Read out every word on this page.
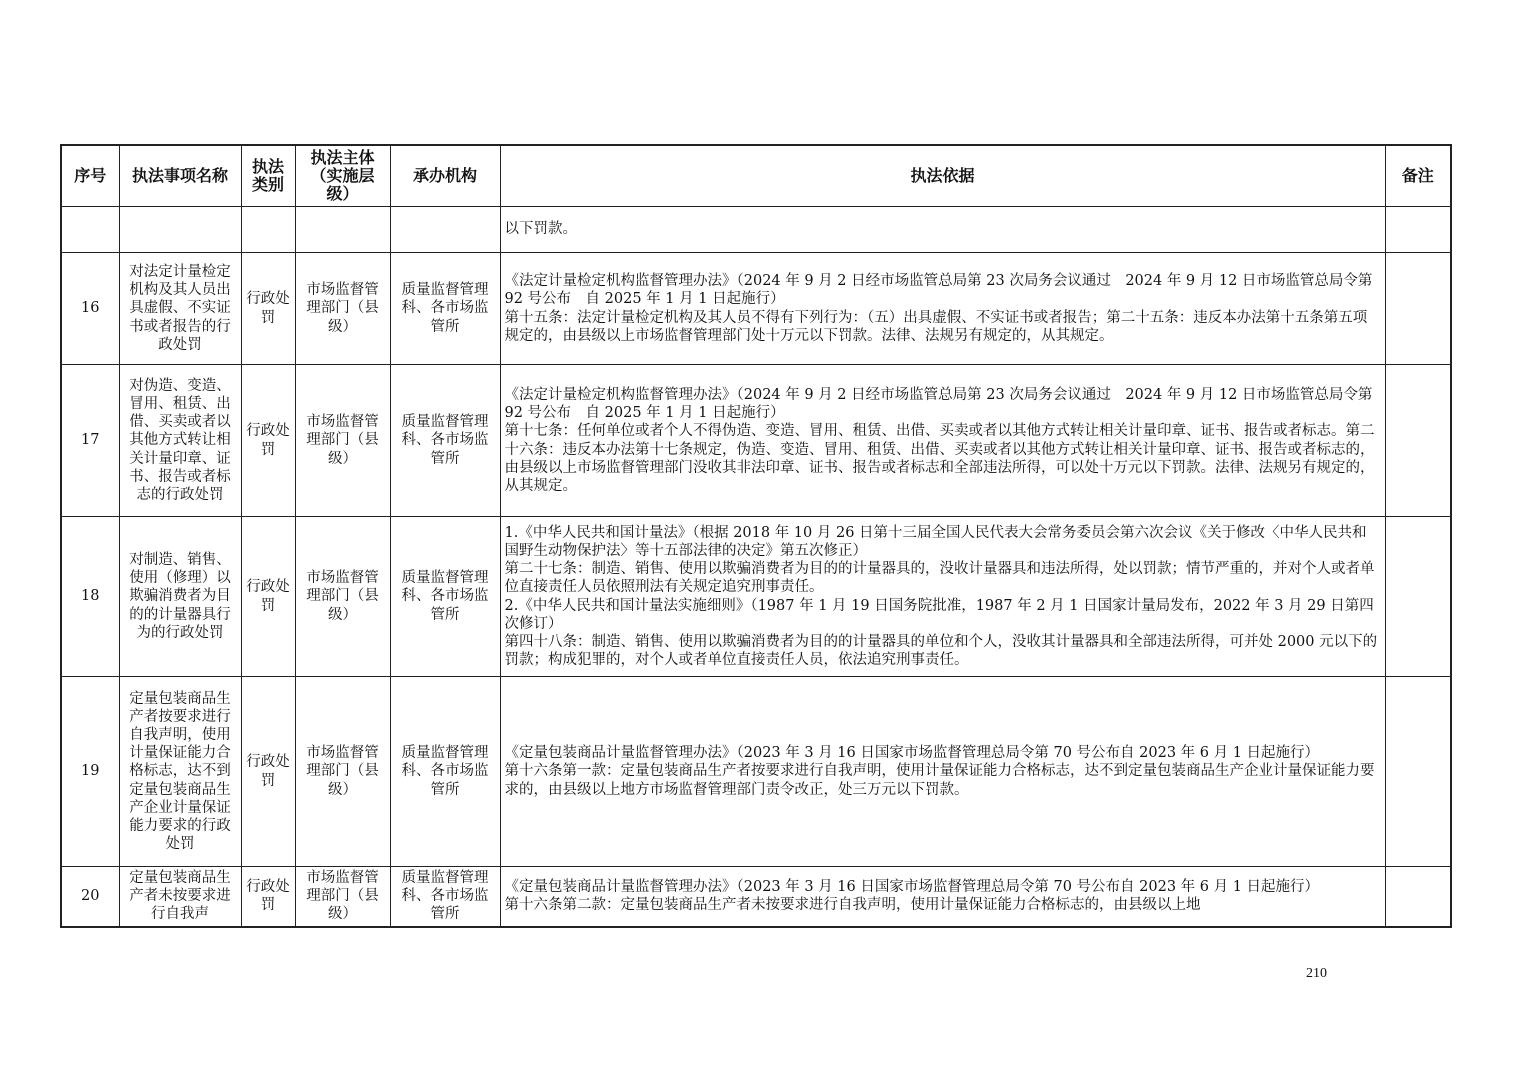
序号	执法事项名称	执法类别	执法主体（实施层级）	承办机构	执法依据	备注

					以下罚款。	

16	对法定计量检定机构及其人员出具虚假、不实证书或者报告的行政处罚	行政处罚	市场监督管理部门（县级）	质量监督管理科、各市场监管所	《法定计量检定机构监督管理办法》（2024 年 9 月 2 日经市场监管总局第 23 次局务会议通过　2024 年 9 月 12 日市场监管总局令第 92 号公布　自 2025 年 1 月 1 日起施行）

第十五条：法定计量检定机构及其人员不得有下列行为：（五）出具虚假、不实证书或者报告；第二十五条：违反本办法第十五条第五项规定的，由县级以上市场监督管理部门处十万元以下罚款。法律、法规另有规定的，从其规定。	

17	对伪造、变造、冒用、租赁、出借、买卖或者以其他方式转让相关计量印章、证书、报告或者标志的行政处罚	行政处罚	市场监督管理部门（县级）	质量监督管理科、各市场监管所	《法定计量检定机构监督管理办法》（2024 年 9 月 2 日经市场监管总局第 23 次局务会议通过　2024 年 9 月 12 日市场监管总局令第 92 号公布　自 2025 年 1 月 1 日起施行）

第十七条：任何单位或者个人不得伪造、变造、冒用、租赁、出借、买卖或者以其他方式转让相关计量印章、证书、报告或者标志。第二十六条：违反本办法第十七条规定，伪造、变造、冒用、租赁、出借、买卖或者以其他方式转让相关计量印章、证书、报告或者标志的，由县级以上市场监督管理部门没收其非法印章、证书、报告或者标志和全部违法所得，可以处十万元以下罚款。法律、法规另有规定的，从其规定。	

18	对制造、销售、使用（修理）以欺骗消费者为目的的计量器具行为的行政处罚	行政处罚	市场监督管理部门（县级）	质量监督管理科、各市场监管所	1.《中华人民共和国计量法》（根据 2018 年 10 月 26 日第十三届全国人民代表大会常务委员会第六次会议《关于修改〈中华人民共和国野生动物保护法〉等十五部法律的决定》第五次修正）

第二十七条：制造、销售、使用以欺骗消费者为目的的计量器具的，没收计量器具和违法所得，处以罚款；情节严重的，并对个人或者单位直接责任人员依照刑法有关规定追究刑事责任。

2.《中华人民共和国计量法实施细则》（1987 年 1 月 19 日国务院批准，1987 年 2 月 1 日国家计量局发布，2022 年 3 月 29 日第四次修订）

第四十八条：制造、销售、使用以欺骗消费者为目的的计量器具的单位和个人，没收其计量器具和全部违法所得，可并处 2000 元以下的罚款；构成犯罪的，对个人或者单位直接责任人员，依法追究刑事责任。	

19	定量包装商品生产者按要求进行自我声明，使用计量保证能力合格标志，达不到定量包装商品生产企业计量保证能力要求的行政处罚	行政处罚	市场监督管理部门（县级）	质量监督管理科、各市场监管所	《定量包装商品计量监督管理办法》（2023 年 3 月 16 日国家市场监督管理总局令第 70 号公布自 2023 年 6 月 1 日起施行）

第十六条第一款：定量包装商品生产者按要求进行自我声明，使用计量保证能力合格标志，达不到定量包装商品生产企业计量保证能力要求的，由县级以上地方市场监督管理部门责令改正，处三万元以下罚款。	

20	定量包装商品生产者未按要求进行自我声	行政处罚	市场监督管理部门（县级）	质量监督管理科、各市场监管所	《定量包装商品计量监督管理办法》（2023 年 3 月 16 日国家市场监督管理总局令第 70 号公布自 2023 年 6 月 1 日起施行）

第十六条第二款：定量包装商品生产者未按要求进行自我声明，使用计量保证能力合格标志的，由县级以上地	

210
